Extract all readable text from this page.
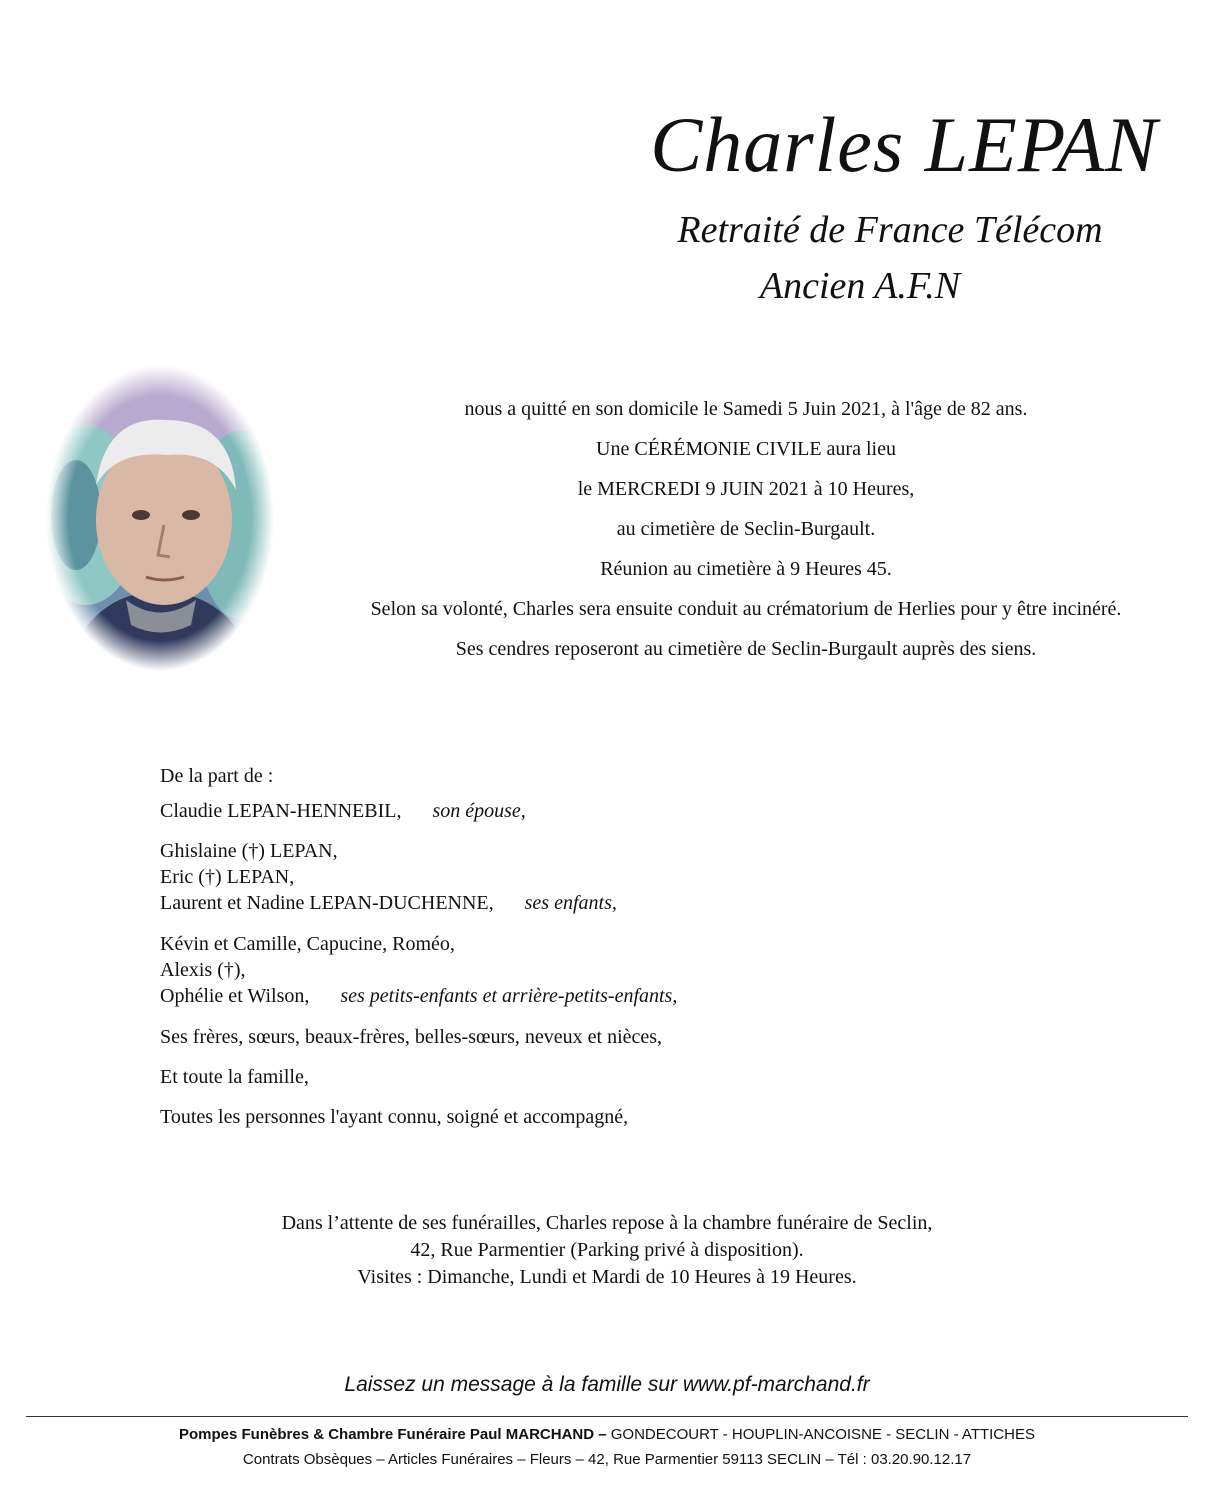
Charles LEPAN
Retraité de France Télécom
Ancien A.F.N
nous a quitté en son domicile le Samedi 5 Juin 2021, à l'âge de 82 ans.
Une CÉRÉMONIE CIVILE aura lieu
le MERCREDI 9 JUIN 2021 à 10 Heures,
au cimetière de Seclin-Burgault.
Réunion au cimetière à 9 Heures 45.
Selon sa volonté, Charles sera ensuite conduit au crématorium de Herlies pour y être incinéré.
Ses cendres reposeront au cimetière de Seclin-Burgault auprès des siens.
De la part de :
Claudie LEPAN-HENNEBIL, son épouse,
Ghislaine (†) LEPAN,
Eric (†) LEPAN,
Laurent et Nadine LEPAN-DUCHENNE, ses enfants,
Kévin et Camille, Capucine, Roméo,
Alexis (†),
Ophélie et Wilson, ses petits-enfants et arrière-petits-enfants,
Ses frères, sœurs, beaux-frères, belles-sœurs, neveux et nièces,
Et toute la famille,
Toutes les personnes l'ayant connu, soigné et accompagné,
Dans l’attente de ses funérailles, Charles repose à la chambre funéraire de Seclin,
42, Rue Parmentier (Parking privé à disposition).
Visites : Dimanche, Lundi et Mardi de 10 Heures à 19 Heures.
Laissez un message à la famille sur www.pf-marchand.fr
Pompes Funèbres & Chambre Funéraire Paul MARCHAND – GONDECOURT - HOUPLIN-ANCOISNE - SECLIN - ATTICHES
Contrats Obsèques – Articles Funéraires – Fleurs – 42, Rue Parmentier 59113 SECLIN – Tél : 03.20.90.12.17
